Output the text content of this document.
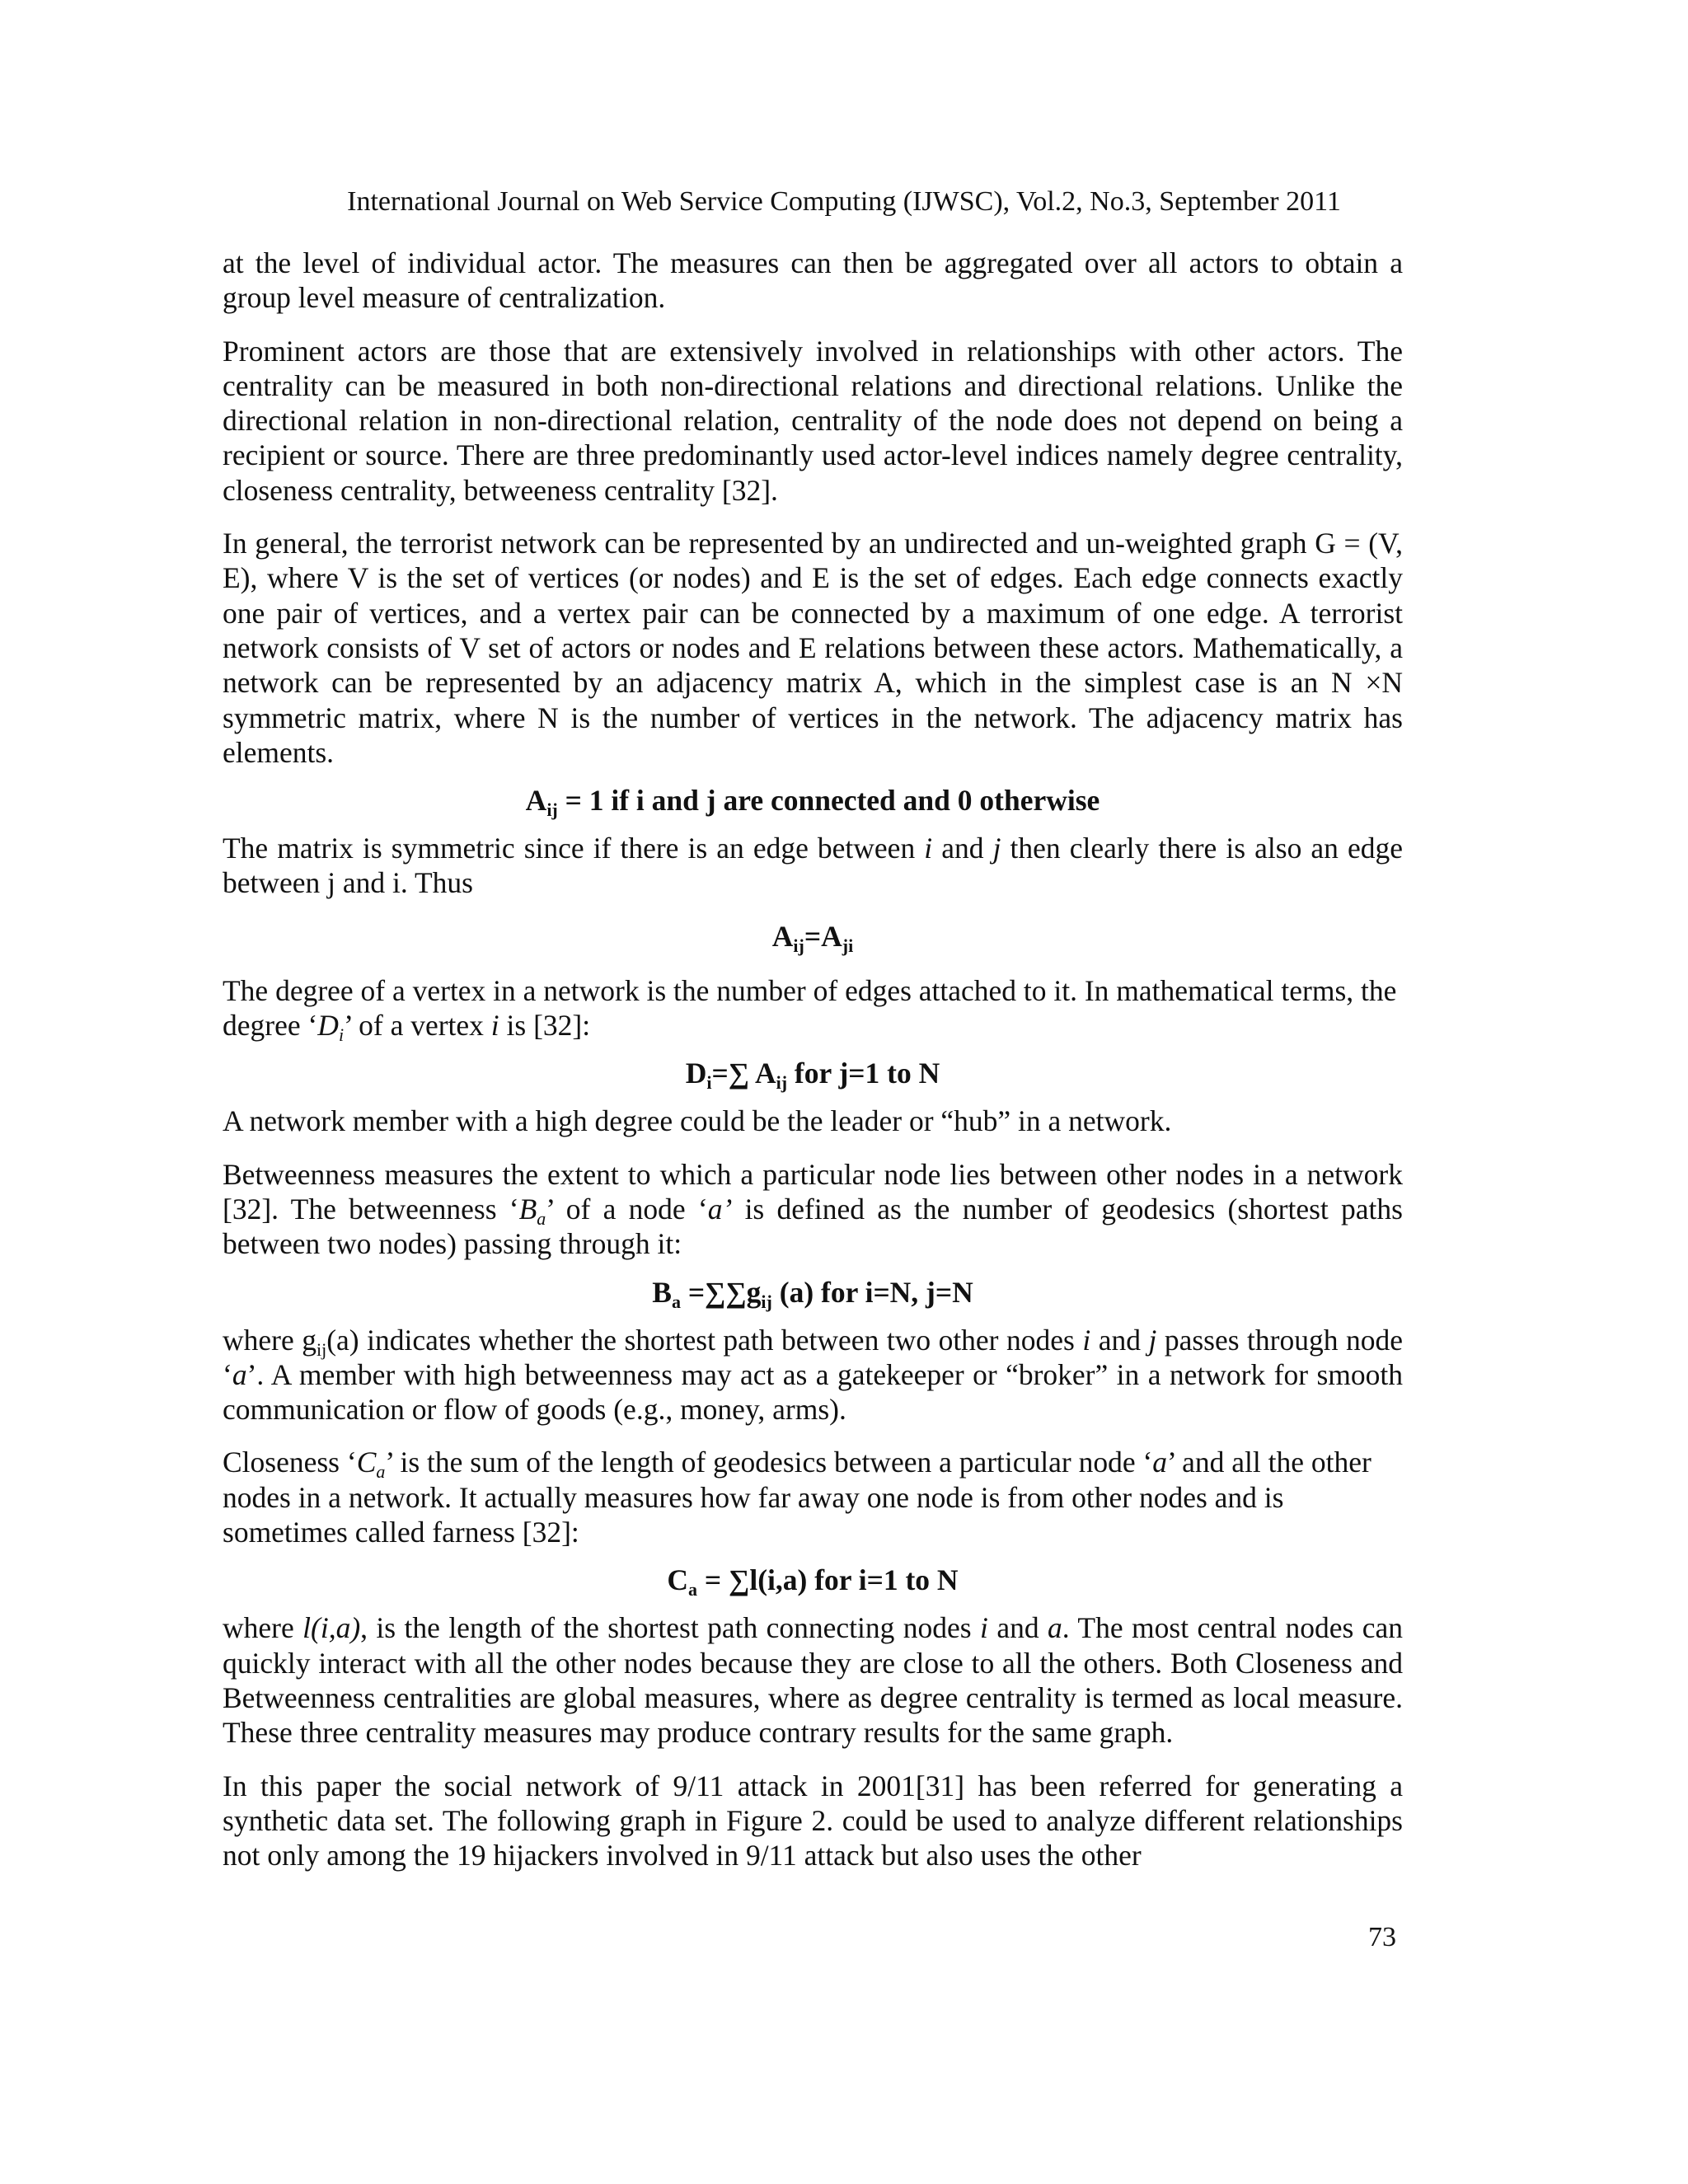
International Journal on Web Service Computing (IJWSC), Vol.2, No.3, September 2011

at the level of individual actor. The measures can then be aggregated over all actors to obtain a group level measure of centralization.

Prominent actors are those that are extensively involved in relationships with other actors. The centrality can be measured in both non-directional relations and directional relations. Unlike the directional relation in non-directional relation, centrality of the node does not depend on being a recipient or source. There are three predominantly used actor-level indices namely degree centrality, closeness centrality, betweeness centrality [32].

In general, the terrorist network can be represented by an undirected and un-weighted graph G = (V, E), where V is the set of vertices (or nodes) and E is the set of edges. Each edge connects exactly one pair of vertices, and a vertex pair can be connected by a maximum of one edge. A terrorist network consists of V set of actors or nodes and E relations between these actors. Mathematically, a network can be represented by an adjacency matrix A, which in the simplest case is an N ×N symmetric matrix, where N is the number of vertices in the network. The adjacency matrix has elements.

$A_{ij} = 1$ if i and j are connected and 0 otherwise

The matrix is symmetric since if there is an edge between i and j then clearly there is also an edge between j and i. Thus

$A_{ij}=A_{ji}$

The degree of a vertex in a network is the number of edges attached to it. In mathematical terms, the degree ‘$D_i$’ of a vertex i is [32]:

$D_i=\sum$ $A_{ij}$ for j=1 to N

A network member with a high degree could be the leader or “hub” in a network.

Betweenness measures the extent to which a particular node lies between other nodes in a network [32]. The betweenness ‘$B_a$’ of a node ‘a’ is defined as the number of geodesics (shortest paths between two nodes) passing through it:

$B_a =\sum\sum g_{ij}$ (a) for i=N, j=N

where $g_{ij}(a)$ indicates whether the shortest path between two other nodes i and j passes through node ‘a’. A member with high betweenness may act as a gatekeeper or “broker” in a network for smooth communication or flow of goods (e.g., money, arms).

Closeness ‘$C_a$’ is the sum of the length of geodesics between a particular node ‘a’ and all the other nodes in a network. It actually measures how far away one node is from other nodes and is sometimes called farness [32]:

$C_a = \sum l(i,a)$ for i=1 to N

where l(i,a), is the length of the shortest path connecting nodes i and a. The most central nodes can quickly interact with all the other nodes because they are close to all the others. Both Closeness and Betweenness centralities are global measures, where as degree centrality is termed as local measure. These three centrality measures may produce contrary results for the same graph.

In this paper the social network of 9/11 attack in 2001[31] has been referred for generating a synthetic data set. The following graph in Figure 2. could be used to analyze different relationships not only among the 19 hijackers involved in 9/11 attack but also uses the other

73
